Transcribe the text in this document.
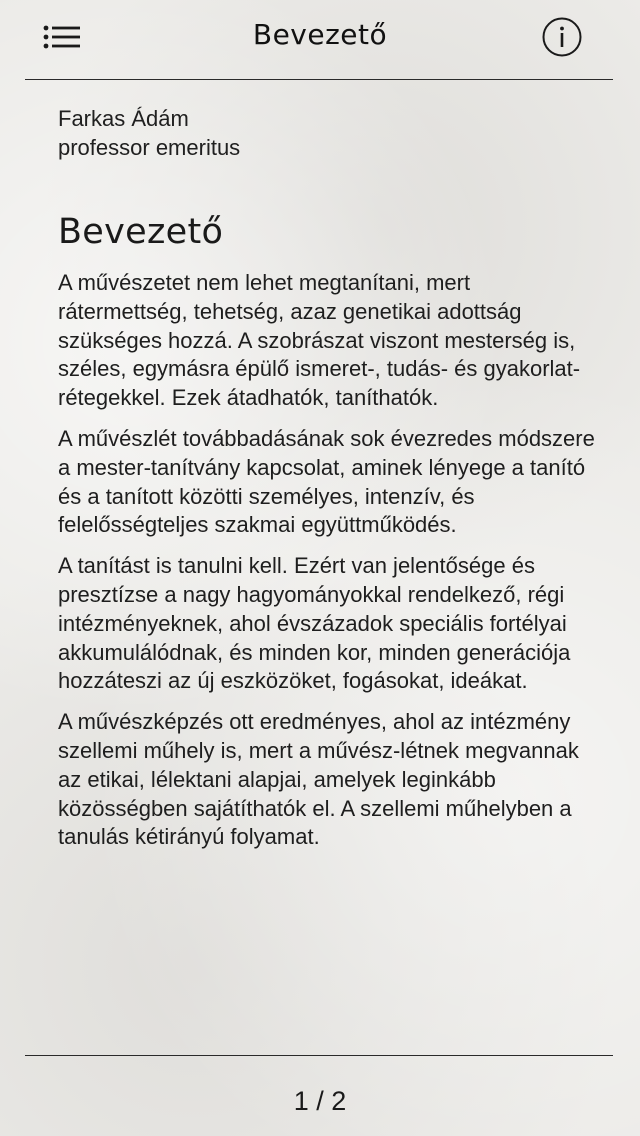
Bevezető
Farkas Ádám
professor emeritus
Bevezető

A művészetet nem lehet megtanítani, mert rátermettség, tehetség, azaz genetikai adottság szükséges hozzá. A szobrászat viszont mesterség is, széles, egymásra épülő ismeret-, tudás- és gyakorlat- rétegekkel. Ezek átadhatók, taníthatók.

A művészlét továbbadásának sok évezredes módszere a mester-tanítvány kapcsolat, aminek lényege a tanító és a tanított közötti személyes, intenzív, és felelősségteljes szakmai együttműködés.

A tanítást is tanulni kell. Ezért van jelentősége és presztízse a nagy hagyományokkal rendelkező, régi intézményeknek, ahol évszázadok speciális fortélyai akkumulálódnak, és minden kor, minden generációja hozzáteszi az új eszközöket, fogásokat, ideákat.

A művészképzés ott eredményes, ahol az intézmény szellemi műhely is, mert a művész-létnek megvannak az etikai, lélektani alapjai, amelyek leginkább közösségben sajátíthatók el. A szellemi műhelyben a tanulás kétirányú folyamat.

1 / 2
